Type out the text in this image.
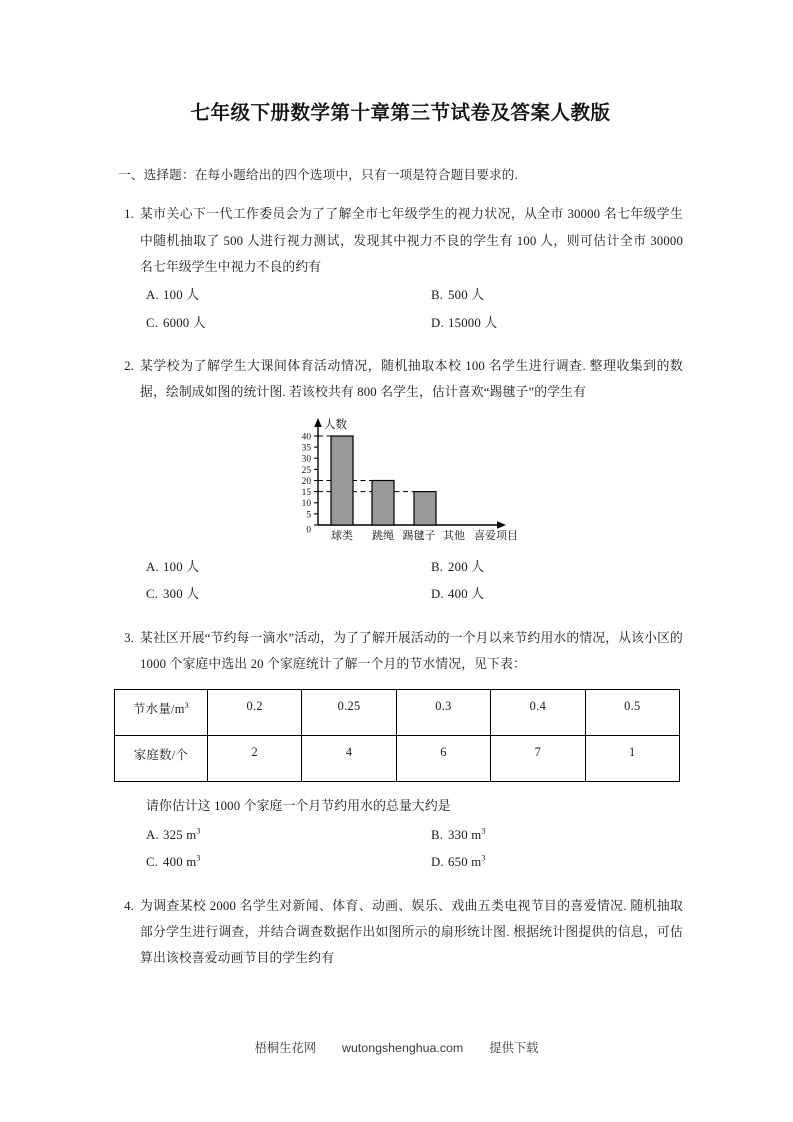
七年级下册数学第十章第三节试卷及答案人教版
一、选择题：在每小题给出的四个选项中，只有一项是符合题目要求的.
1. 某市关心下一代工作委员会为了了解全市七年级学生的视力状况，从全市 30000 名七年级学生中随机抽取了 500 人进行视力测试，发现其中视力不良的学生有 100 人，则可估计全市 30000 名七年级学生中视力不良的约有
A. 100 人	B. 500 人
C. 6000 人	D. 15000 人
2. 某学校为了解学生大课间体育活动情况，随机抽取本校 100 名学生进行调查. 整理收集到的数据，绘制成如图的统计图. 若该校共有 800 名学生，估计喜欢“踢毽子”的学生有
人数
0
5
10
15
20
25
30
35
40
球类 跳绳 踢毽子 其他 喜爱项目
A. 100 人	B. 200 人
C. 300 人	D. 400 人
3. 某社区开展“节约每一滴水”活动，为了了解开展活动的一个月以来节约用水的情况，从该小区的 1000 个家庭中选出 20 个家庭统计了解一个月的节水情况，见下表：
节水量$/m^3$	0.2	0.25	0.3	0.4	0.5
家庭数/个	2	4	6	7	1
请你估计这 1000 个家庭一个月节约用水的总量大约是
A. 325 $m^3$	B. 330 $m^3$
C. 400 $m^3$	D. 650 $m^3$
4. 为调查某校 2000 名学生对新闻、体育、动画、娱乐、戏曲五类电视节目的喜爱情况. 随机抽取部分学生进行调查，并结合调查数据作出如图所示的扇形统计图. 根据统计图提供的信息，可估算出该校喜爱动画节目的学生约有
梧桐生花网 wutongshenghua.com 提供下载
